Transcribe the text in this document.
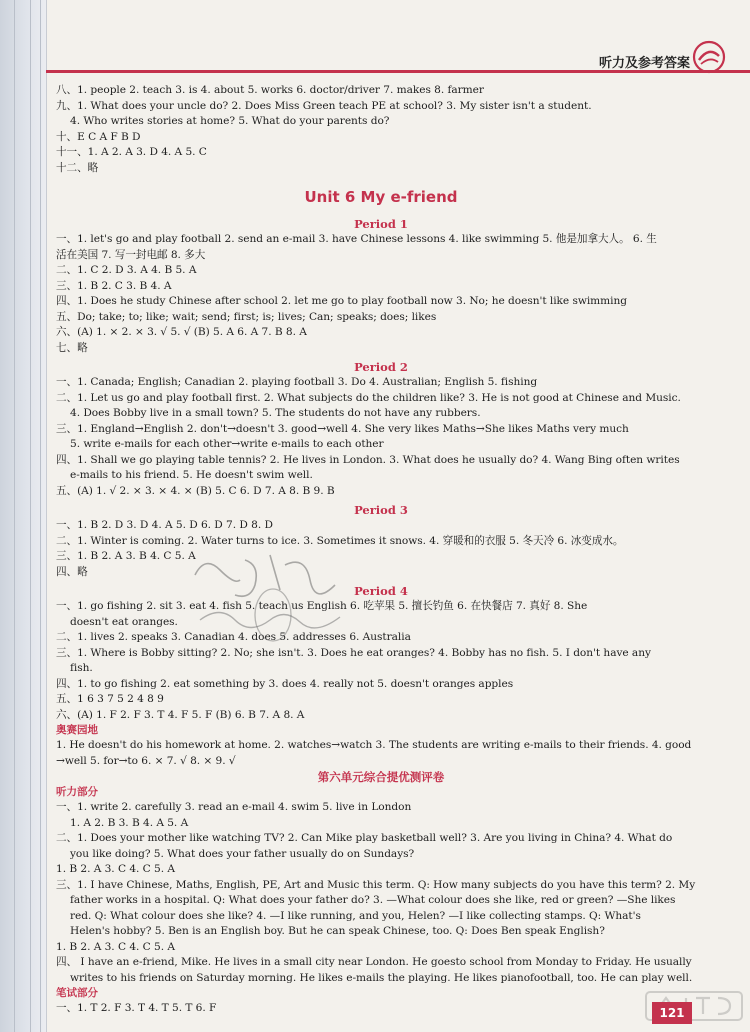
听力及参考答案
八、1. people 2. teach 3. is 4. about 5. works 6. doctor/driver 7. makes 8. farmer
九、1. What does your uncle do? 2. Does Miss Green teach PE at school? 3. My sister isn't a student.
4. Who writes stories at home? 5. What do your parents do?
十、E C A F B D
十一、1. A 2. A 3. D 4. A 5. C
十二、略
Unit 6 My e-friend
Period 1
一、1. let's go and play football 2. send an e-mail 3. have Chinese lessons 4. like swimming 5. 他是加拿大人。 6. 生
活在美国 7. 写一封电邮 8. 多大
二、1. C 2. D 3. A 4. B 5. A
三、1. B 2. C 3. B 4. A
四、1. Does he study Chinese after school 2. let me go to play football now 3. No; he doesn't like swimming
五、Do; take; to; like; wait; send; first; is; lives; Can; speaks; does; likes
六、(A) 1. × 2. × 3. √ 5. √ (B) 5. A 6. A 7. B 8. A
七、略
Period 2
一、1. Canada; English; Canadian 2. playing football 3. Do 4. Australian; English 5. fishing
二、1. Let us go and play football first. 2. What subjects do the children like? 3. He is not good at Chinese and Music.
4. Does Bobby live in a small town? 5. The students do not have any rubbers.
三、1. England→English 2. don't→doesn't 3. good→well 4. She very likes Maths→She likes Maths very much
5. write e-mails for each other→write e-mails to each other
四、1. Shall we go playing table tennis? 2. He lives in London. 3. What does he usually do? 4. Wang Bing often writes
e-mails to his friend. 5. He doesn't swim well.
五、(A) 1. √ 2. × 3. × 4. × (B) 5. C 6. D 7. A 8. B 9. B
Period 3
一、1. B 2. D 3. D 4. A 5. D 6. D 7. D 8. D
二、1. Winter is coming. 2. Water turns to ice. 3. Sometimes it snows. 4. 穿暖和的衣服 5. 冬天冷 6. 冰变成水。
三、1. B 2. A 3. B 4. C 5. A
四、略
Period 4
一、1. go fishing 2. sit 3. eat 4. fish 5. teach us English 6. 吃苹果 5. 擅长钓鱼 6. 在快餐店 7. 真好 8. She
doesn't eat oranges.
二、1. lives 2. speaks 3. Canadian 4. does 5. addresses 6. Australia
三、1. Where is Bobby sitting? 2. No; she isn't. 3. Does he eat oranges? 4. Bobby has no fish. 5. I don't have any
fish.
四、1. to go fishing 2. eat something by 3. does 4. really not 5. doesn't oranges apples
五、1 6 3 7 5 2 4 8 9
六、(A) 1. F 2. F 3. T 4. F 5. F (B) 6. B 7. A 8. A
奥赛园地
1. He doesn't do his homework at home. 2. watches→watch 3. The students are writing e-mails to their friends. 4. good
→well 5. for→to 6. × 7. √ 8. × 9. √
第六单元综合提优测评卷
听力部分
一、1. write 2. carefully 3. read an e-mail 4. swim 5. live in London
1. A 2. B 3. B 4. A 5. A
二、1. Does your mother like watching TV? 2. Can Mike play basketball well? 3. Are you living in China? 4. What do
you like doing? 5. What does your father usually do on Sundays?
1. B 2. A 3. C 4. C 5. A
三、1. I have Chinese, Maths, English, PE, Art and Music this term. Q: How many subjects do you have this term? 2. My
father works in a hospital. Q: What does your father do? 3. —What colour does she like, red or green? —She likes
red. Q: What colour does she like? 4. —I like running, and you, Helen? —I like collecting stamps. Q: What's
Helen's hobby? 5. Ben is an English boy. But he can speak Chinese, too. Q: Does Ben speak English?
1. B 2. A 3. C 4. C 5. A
四、 I have an e-friend, Mike. He lives in a small city near London. He goesto school from Monday to Friday. He usually
writes to his friends on Saturday morning. He likes e-mails the playing. He likes pianofootball, too. He can play well.
笔试部分
一、1. T 2. F 3. T 4. T 5. T 6. F	121
